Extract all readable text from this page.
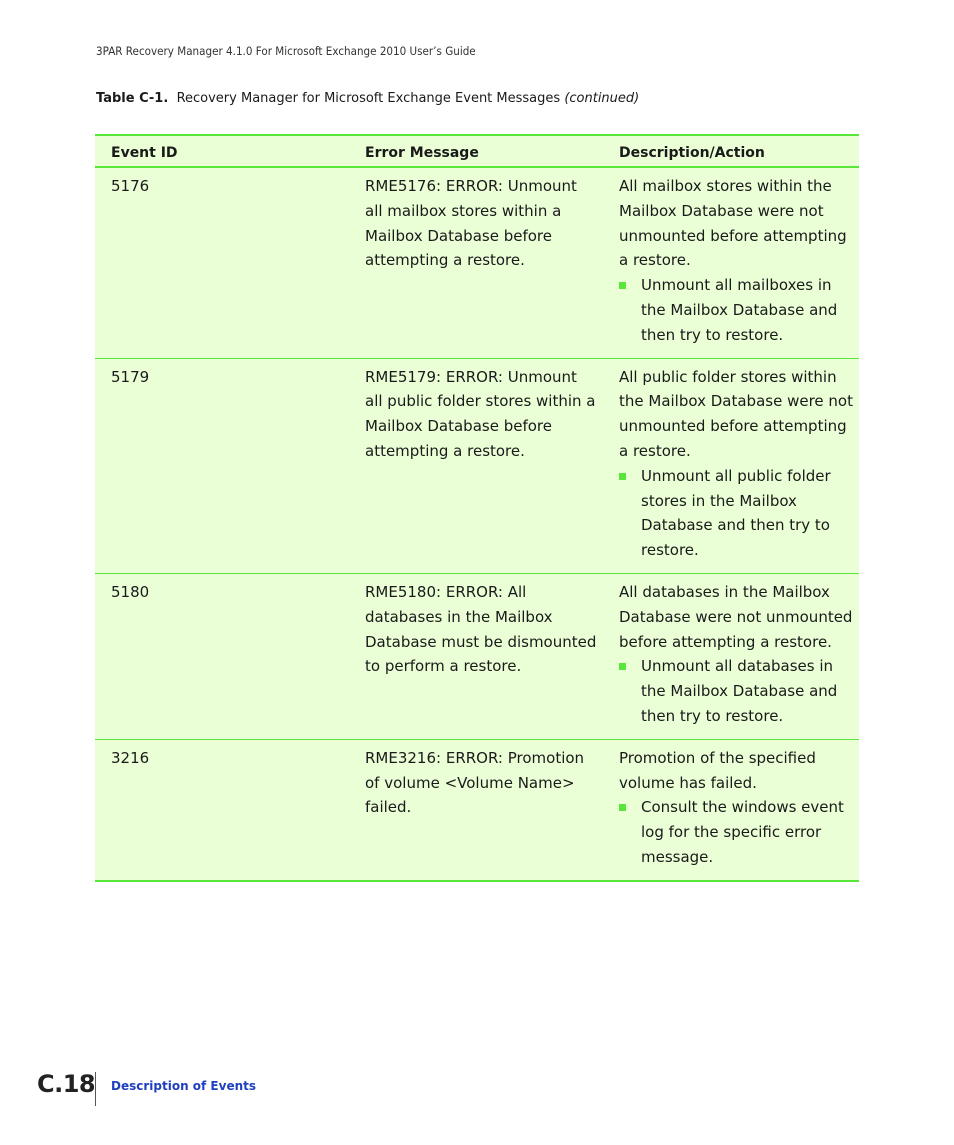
3PAR Recovery Manager 4.1.0 For Microsoft Exchange 2010 User’s Guide
Table C-1. Recovery Manager for Microsoft Exchange Event Messages (continued)
Event ID	Error Message	Description/Action
5176	RME5176: ERROR: Unmount all mailbox stores within a Mailbox Database before attempting a restore.	All mailbox stores within the Mailbox Database were not unmounted before attempting a restore.
Unmount all mailboxes in the Mailbox Database and then try to restore.

5179	RME5179: ERROR: Unmount all public folder stores within a Mailbox Database before attempting a restore.	All public folder stores within the Mailbox Database were not unmounted before attempting a restore.
Unmount all public folder stores in the Mailbox Database and then try to restore.

5180	RME5180: ERROR: All databases in the Mailbox Database must be dismounted to perform a restore.	All databases in the Mailbox Database were not unmounted before attempting a restore.
Unmount all databases in the Mailbox Database and then try to restore.

3216	RME3216: ERROR: Promotion of volume <Volume Name> failed.	Promotion of the specified volume has failed.
Consult the windows event log for the specific error message.
C.18 Description of Events
